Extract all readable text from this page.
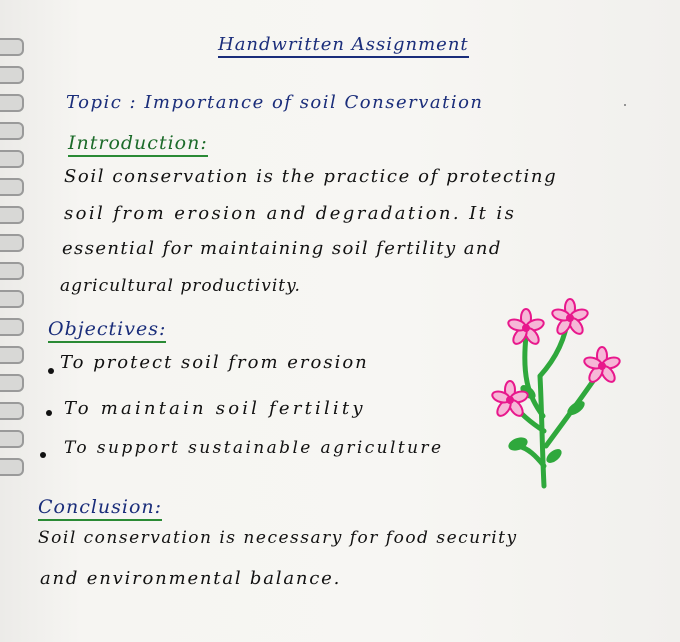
Handwritten Assignment
Topic : Importance of soil Conservation
Introduction:
Soil conservation is the practice of protecting
soil from erosion and degradation. It is
essential for maintaining soil fertility and
agricultural productivity.
Objectives:
To protect soil from erosion
To maintain soil fertility
To support sustainable agriculture
Conclusion:
Soil conservation is necessary for food security
and environmental balance.
